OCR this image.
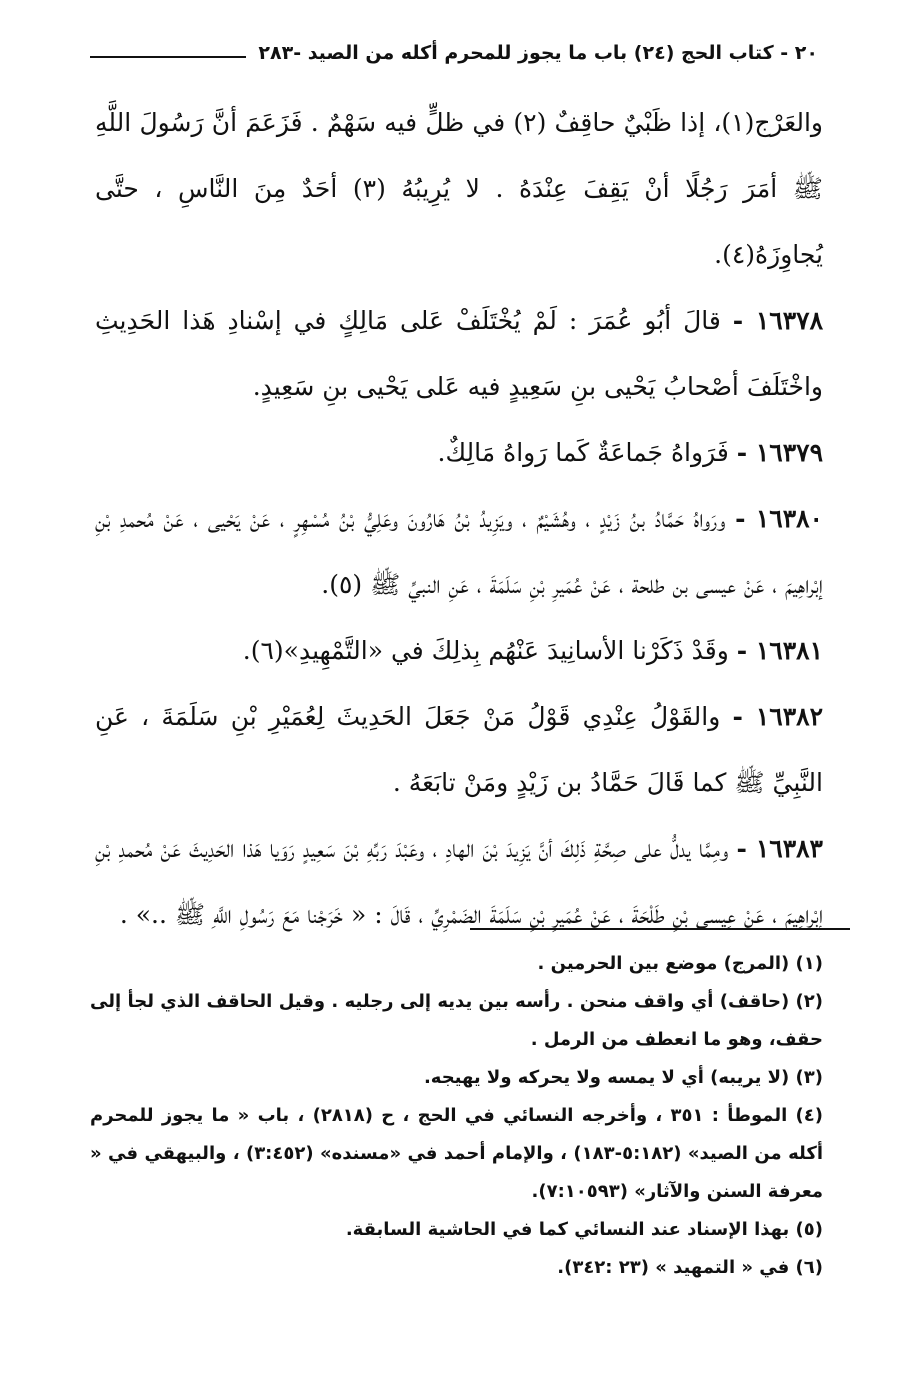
٢٠ - كتاب الحج (٢٤) باب ما يجوز للمحرم أكله من الصيد -٢٨٣

والعَرْج(١)، إذا ظَبْيٌ حاقِفٌ (٢) في ظلٍّ فيه سَهْمٌ . فَزَعَمَ أنَّ رَسُولَ اللَّهِ ﷺ أمَرَ رَجُلًا أنْ يَقِفَ عِنْدَهُ . لا يُرِيبُهُ (٣) أحَدٌ مِنَ النَّاسِ ، حتَّى يُجاوِزَهُ(٤).

١٦٣٧٨ - قالَ أبُو عُمَرَ : لَمْ يُخْتَلَفْ عَلى مَالِكٍ في إسْنادِ هَذا الحَدِيثِ واخْتَلَفَ أصْحابُ يَحْيى بنِ سَعِيدٍ فيه عَلى يَحْيى بنِ سَعِيدٍ.

١٦٣٧٩ - فَرَواهُ جَماعَةٌ كَما رَواهُ مَالِكٌ.

١٦٣٨٠ - ورَواهُ حَمَّادُ بنُ زَيْدٍ ، وهُشَيْمٌ ، ويَزِيدُ بْنُ هَارُونَ وعَلِيُّ بْنُ مُسْهِرٍ ، عَنْ يَحْيى ، عَنْ مُحمدِ بْنِ إبْراهِيمَ ، عَنْ عيسى بن طلحة ، عَنْ عُمَيرِ بْنِ سَلَمَةَ ، عَنِ النبيِّ ﷺ (٥).

١٦٣٨١ - وقَدْ ذَكَرْنا الأسانِيدَ عَنْهُم بِذلِكَ في «التَّمْهِيدِ»(٦).

١٦٣٨٢ - والقَوْلُ عِنْدِي قَوْلُ مَنْ جَعَلَ الحَدِيثَ لِعُمَيْرِ بْنِ سَلَمَةَ ، عَنِ النَّبِيِّ ﷺ كما قَالَ حَمَّادُ بن زَيْدٍ ومَنْ تابَعَهُ .

١٦٣٨٣ - ومِمَّا يدلُّ على صِحَّةِ ذَلِكَ أنَّ يَزِيدَ بْنَ الهادِ ، وعَبْدَ رَبِّهِ بْنَ سَعِيدٍ رَوَيا هَذا الحَدِيثَ عَنْ مُحمدِ بْنِ إبْراهِيمَ ، عَنْ عِيسى بْنِ طَلْحَةَ ، عَنْ عُمَيرِ بْنِ سَلَمَةَ الضَمْرِيِّ ، قَالَ : « خَرَجْنا مَعَ رَسُولِ اللَّهِ ﷺ ..» .

(١) (المرج) موضع بين الحرمين .

(٢) (حاقف) أي واقف منحن . رأسه بين يديه إلى رجليه . وقيل الحاقف الذي لجأ إلى حقف، وهو ما انعطف من الرمل .

(٣) (لا يريبه) أي لا يمسه ولا يحركه ولا يهيجه.

(٤) الموطأ : ٣٥١ ، وأخرجه النسائي في الحج ، ح (٢٨١٨) ، باب « ما يجوز للمحرم أكله من الصيد» (٥:١٨٢-١٨٣) ، والإمام أحمد في «مسنده» (٣:٤٥٢) ، والبيهقي في « معرفة السنن والآثار» (٧:١٠٥٩٣).

(٥) بهذا الإسناد عند النسائي كما في الحاشية السابقة.

(٦) في « التمهيد » (٢٣ :٣٤٢).
